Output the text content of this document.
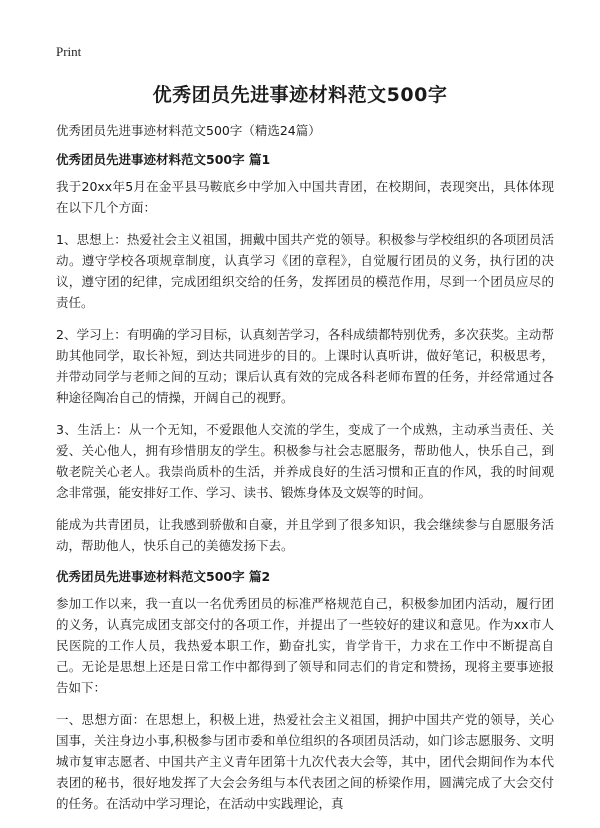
Print
优秀团员先进事迹材料范文500字
优秀团员先进事迹材料范文500字（精选24篇）
优秀团员先进事迹材料范文500字 篇1

我于20xx年5月在金平县马鞍底乡中学加入中国共青团，在校期间，表现突出，具体体现在以下几个方面：

1、思想上：热爱社会主义祖国，拥戴中国共产党的领导。积极参与学校组织的各项团员活动。遵守学校各项规章制度，认真学习《团的章程》，自觉履行团员的义务，执行团的决议，遵守团的纪律，完成团组织交给的任务，发挥团员的模范作用，尽到一个团员应尽的责任。

2、学习上：有明确的学习目标，认真刻苦学习，各科成绩都特别优秀，多次获奖。主动帮助其他同学，取长补短，到达共同进步的目的。上课时认真听讲，做好笔记，积极思考，并带动同学与老师之间的互动；课后认真有效的完成各科老师布置的任务，并经常通过各种途径陶冶自己的情操，开阔自己的视野。

3、生活上：从一个无知，不爱跟他人交流的学生，变成了一个成熟，主动承当责任、关爱、关心他人，拥有珍惜朋友的学生。积极参与社会志愿服务，帮助他人，快乐自己，到敬老院关心老人。我崇尚质朴的生活，并养成良好的生活习惯和正直的作风，我的时间观念非常强，能安排好工作、学习、读书、锻炼身体及文娱等的时间。

能成为共青团员，让我感到骄傲和自豪，并且学到了很多知识，我会继续参与自愿服务活动，帮助他人，快乐自己的美德发扬下去。

优秀团员先进事迹材料范文500字 篇2

参加工作以来，我一直以一名优秀团员的标准严格规范自己，积极参加团内活动，履行团的义务，认真完成团支部交付的各项工作，并提出了一些较好的建议和意见。作为xx市人民医院的工作人员，我热爱本职工作，勤奋扎实，肯学肯干，力求在工作中不断提高自己。无论是思想上还是日常工作中都得到了领导和同志们的肯定和赞扬，现将主要事迹报告如下：

一、思想方面：在思想上，积极上进，热爱社会主义祖国，拥护中国共产党的领导，关心国事，关注身边小事,积极参与团市委和单位组织的各项团员活动，如门诊志愿服务、文明城市复审志愿者、中国共产主义青年团第十九次代表大会等，其中，团代会期间作为本代表团的秘书，很好地发挥了大会会务组与本代表团之间的桥梁作用，圆满完成了大会交付的任务。在活动中学习理论，在活动中实践理论，真
